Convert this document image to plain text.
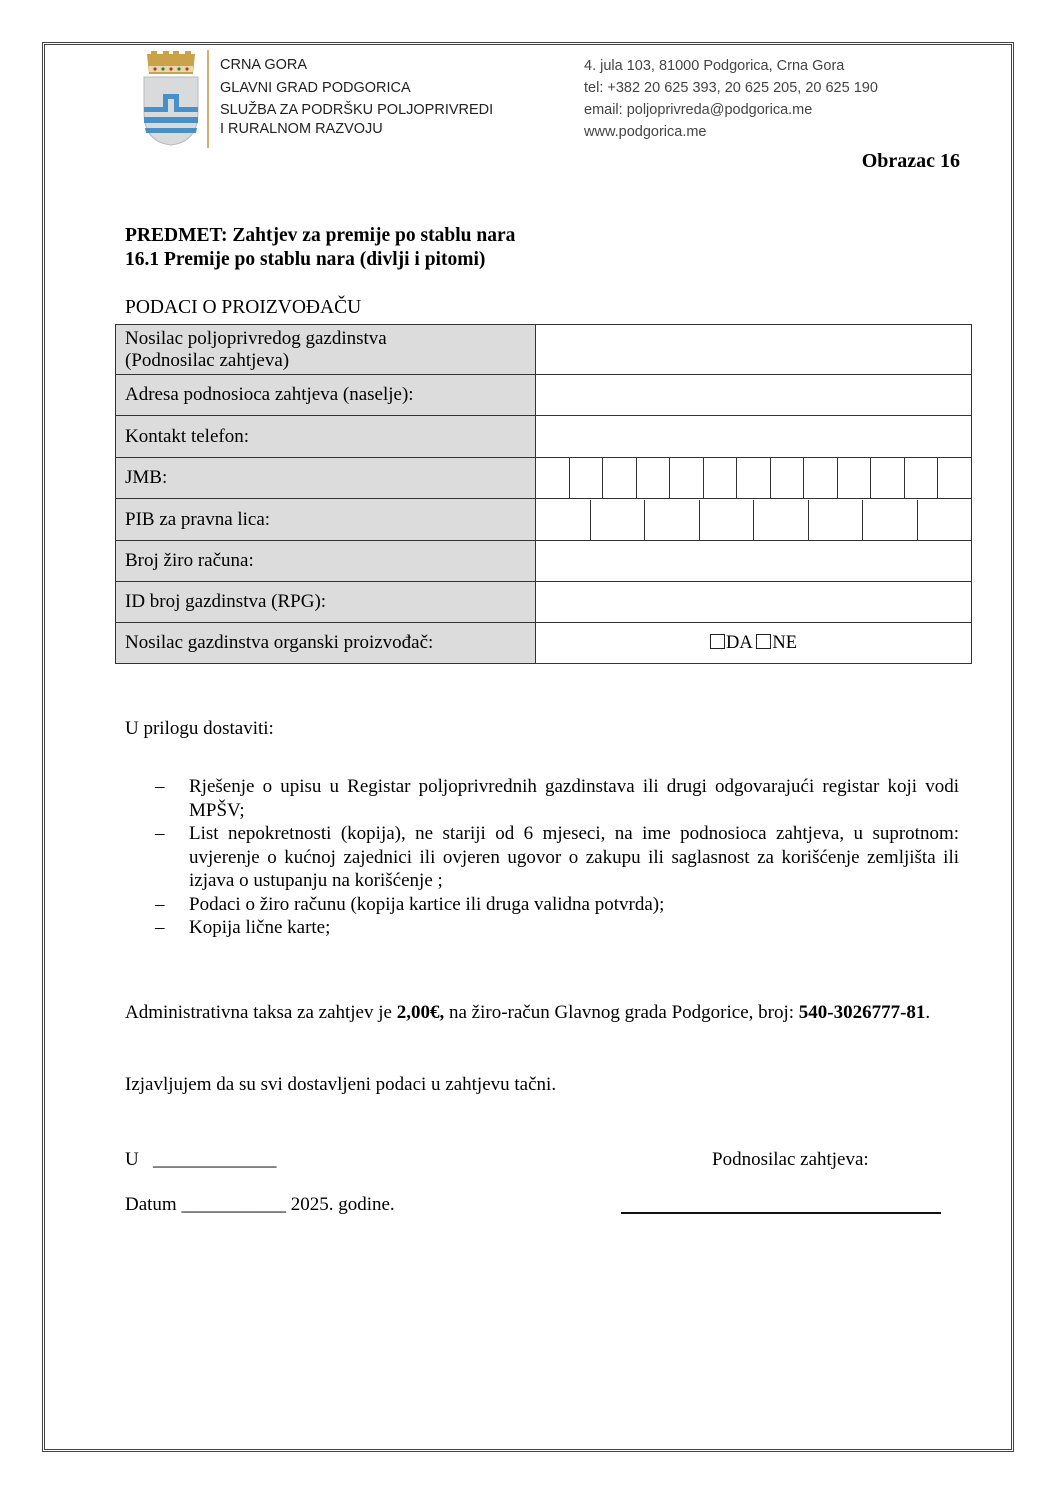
CRNA GORA
GLAVNI GRAD PODGORICA
SLUŽBA ZA PODRŠKU POLJOPRIVREDI
I RURALNOM RAZVOJU
4. jula 103, 81000 Podgorica, Crna Gora
tel: +382 20 625 393, 20 625 205, 20 625 190
email: poljoprivreda@podgorica.me
www.podgorica.me
Obrazac 16
PREDMET: Zahtjev za premije po stablu nara
16.1 Premije po stablu nara (divlji i pitomi)
PODACI O PROIZVOĐAČU
Nosilac poljoprivredog gazdinstva
(Podnosilac zahtjeva)	

Adresa podnosioca zahtjeva (naselje):	
Kontakt telefon:	
JMB:	

PIB za pravna lica:	

Broj žiro računa:	
ID broj gazdinstva (RPG):	
Nosilac gazdinstva organski proizvođač:	DA NE
U prilogu dostaviti:
– Rješenje o upisu u Registar poljoprivrednih gazdinstava ili drugi odgovarajući registar koji vodi MPŠV;
– List nepokretnosti (kopija), ne stariji od 6 mjeseci, na ime podnosioca zahtjeva, u suprotnom: uvjerenje o kućnoj zajednici ili ovjeren ugovor o zakupu ili saglasnost za korišćenje zemljišta ili izjava o ustupanju na korišćenje ;
– Podaci o žiro računu (kopija kartice ili druga validna potvrda);
– Kopija lične karte;
Administrativna taksa za zahtjev je 2,00€, na žiro-račun Glavnog grada Podgorice, broj: 540-3026777-81.
Izjavljujem da su svi dostavljeni podaci u zahtjevu tačni.
U _____________	Podnosilac zahtjeva:
Datum ___________ 2025. godine.
